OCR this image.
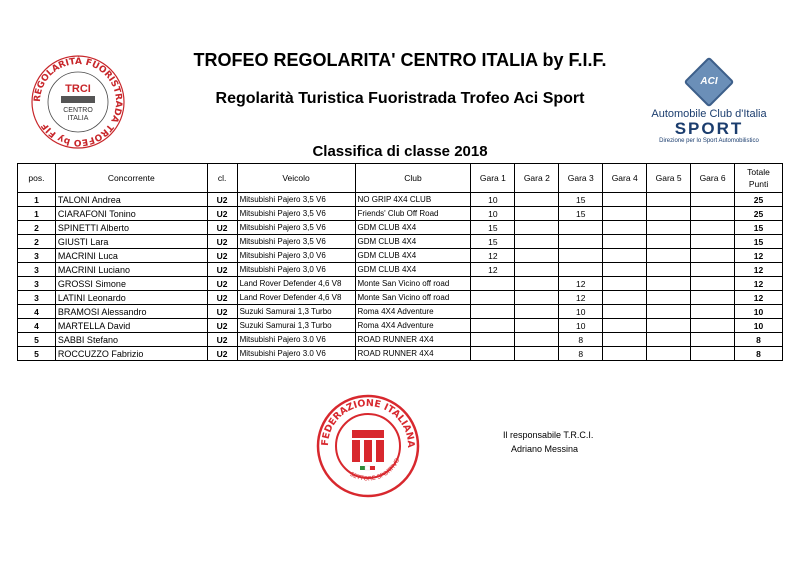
REGOLARITÀ FUORISTRADA TROFEO by FIF
TRCI
CENTRO
ITALIA
TROFEO REGOLARITA' CENTRO ITALIA by F.I.F.
Regolarità Turistica Fuoristrada Trofeo Aci Sport
Classifica di classe 2018
ACI
Automobile Club d'Italia
SPORT
Direzione per lo Sport Automobilistico
pos.	Concorrente	cl.	Veicolo	Club	Gara 1	Gara 2	Gara 3	Gara 4	Gara 5	Gara 6	Totale
Punti
1	TALONI Andrea	U2	Mitsubishi Pajero 3,5 V6	NO GRIP 4X4 CLUB	10		15				25
1	CIARAFONI Tonino	U2	Mitsubishi Pajero 3,5 V6	Friends' Club Off Road	10		15				25
2	SPINETTI Alberto	U2	Mitsubishi Pajero 3,5 V6	GDM CLUB 4X4	15						15
2	GIUSTI Lara	U2	Mitsubishi Pajero 3,5 V6	GDM CLUB 4X4	15						15
3	MACRINI Luca	U2	Mitsubishi Pajero 3,0 V6	GDM CLUB 4X4	12						12
3	MACRINI Luciano	U2	Mitsubishi Pajero 3,0 V6	GDM CLUB 4X4	12						12
3	GROSSI Simone	U2	Land Rover Defender 4,6 V8	Monte San Vicino off road			12				12
3	LATINI Leonardo	U2	Land Rover Defender 4,6 V8	Monte San Vicino off road			12				12
4	BRAMOSI Alessandro	U2	Suzuki Samurai 1,3 Turbo	Roma 4X4 Adventure			10				10
4	MARTELLA David	U2	Suzuki Samurai 1,3 Turbo	Roma 4X4 Adventure			10				10
5	SABBI Stefano	U2	Mitsubishi Pajero 3.0 V6	ROAD RUNNER 4X4			8				8
5	ROCCUZZO Fabrizio	U2	Mitsubishi Pajero 3.0 V6	ROAD RUNNER 4X4			8				8
FEDERAZIONE ITALIANA
SETTORE SPORTIVO
Il responsabile T.R.C.I.
Adriano Messina
